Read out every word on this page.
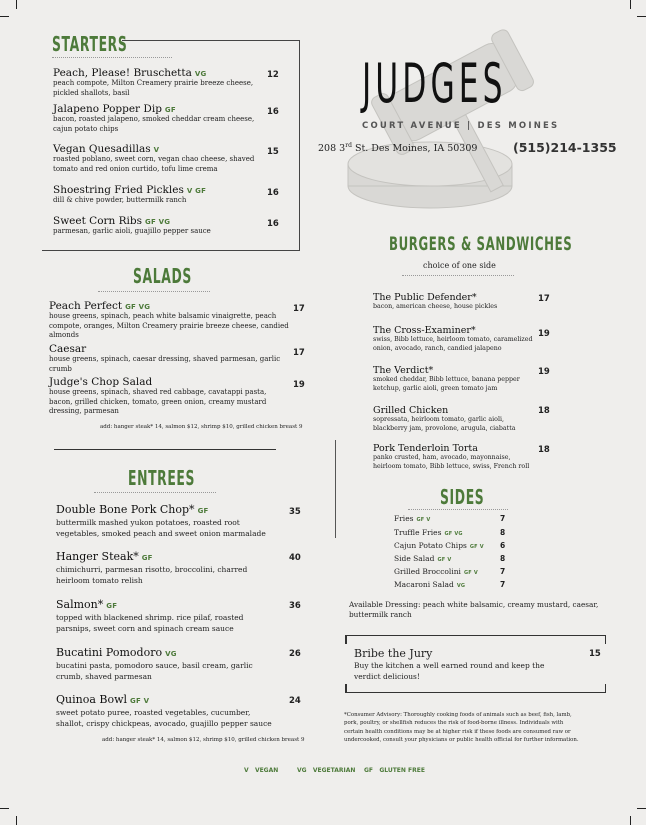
JUDGES
COURT AVENUE | DES MOINES
208 3rd St. Des Moines, IA 50309	(515)214-1355
STARTERS
Peach, Please! Bruschetta VG
peach compote, Milton Creamery prairie breeze cheese,
pickled shallots, basil
12
Jalapeno Popper Dip GF
bacon, roasted jalapeno, smoked cheddar cream cheese,
cajun potato chips
16
Vegan Quesadillas V
roasted poblano, sweet corn, vegan chao cheese, shaved
tomato and red onion curtido, tofu lime crema
15
Shoestring Fried Pickles V GF
dill & chive powder, buttermilk ranch
16
Sweet Corn Ribs GF VG
parmesan, garlic aioli, guajillo pepper sauce
16
SALADS
Peach Perfect GF VG
house greens, spinach, peach white balsamic vinaigrette, peach
compote, oranges, Milton Creamery prairie breeze cheese, candied
almonds
17
Caesar
house greens, spinach, caesar dressing, shaved parmesan, garlic
crumb
17
Judge's Chop Salad
house greens, spinach, shaved red cabbage, cavatappi pasta,
bacon, grilled chicken, tomato, green onion, creamy mustard
dressing, parmesan
19
add: hanger steak* 14, salmon $12, shrimp $10, grilled chicken breast 9
ENTREES
Double Bone Pork Chop* GF
buttermilk mashed yukon potatoes, roasted root
vegetables, smoked peach and sweet onion marmalade
35
Hanger Steak* GF
chimichurri, parmesan risotto, broccolini, charred
heirloom tomato relish
40
Salmon* GF
topped with blackened shrimp. rice pilaf, roasted
parsnips, sweet corn and spinach cream sauce
36
Bucatini Pomodoro VG
bucatini pasta, pomodoro sauce, basil cream, garlic
crumb, shaved parmesan
26
Quinoa Bowl GF V
sweet potato puree, roasted vegetables, cucumber,
shallot, crispy chickpeas, avocado, guajillo pepper sauce
24
add: hanger steak* 14, salmon $12, shrimp $10, grilled chicken breast 9
BURGERS & SANDWICHES
choice of one side
The Public Defender*
bacon, american cheese, house pickles
17
The Cross-Examiner*
swiss, Bibb lettuce, heirloom tomato, caramelized
onion, avocado, ranch, candied jalapeno
19
The Verdict*
smoked cheddar, Bibb lettuce, banana pepper
ketchup, garlic aioli, green tomato jam
19
Grilled Chicken
sopressata, heirloom tomato, garlic aioli,
blackberry jam, provolone, arugula, ciabatta
18
Pork Tenderloin Torta
panko crusted, ham, avocado, mayonnaise,
heirloom tomato, Bibb lettuce, swiss, French roll
18
SIDES
Fries GF V	7
Truffle Fries GF VG	8
Cajun Potato Chips GF V 6
Side Salad GF V	8
Grilled Broccolini GF V	7
Macaroni Salad VG	7
Available Dressing: peach white balsamic, creamy mustard, caesar,
buttermilk ranch
Bribe the Jury
Buy the kitchen a well earned round and keep the
verdict delicious!
15
*Consumer Advisory: Thoroughly cooking foods of animals such as beef, fish, lamb,
pork, poultry, or shellfish reduces the risk of food-borne illness. Individuals with
certain health conditions may be at higher risk if these foods are consumed raw or
undercooked, consult your physicians or public health official for further information.
V VEGAN	VG VEGETARIAN GF GLUTEN FREE
